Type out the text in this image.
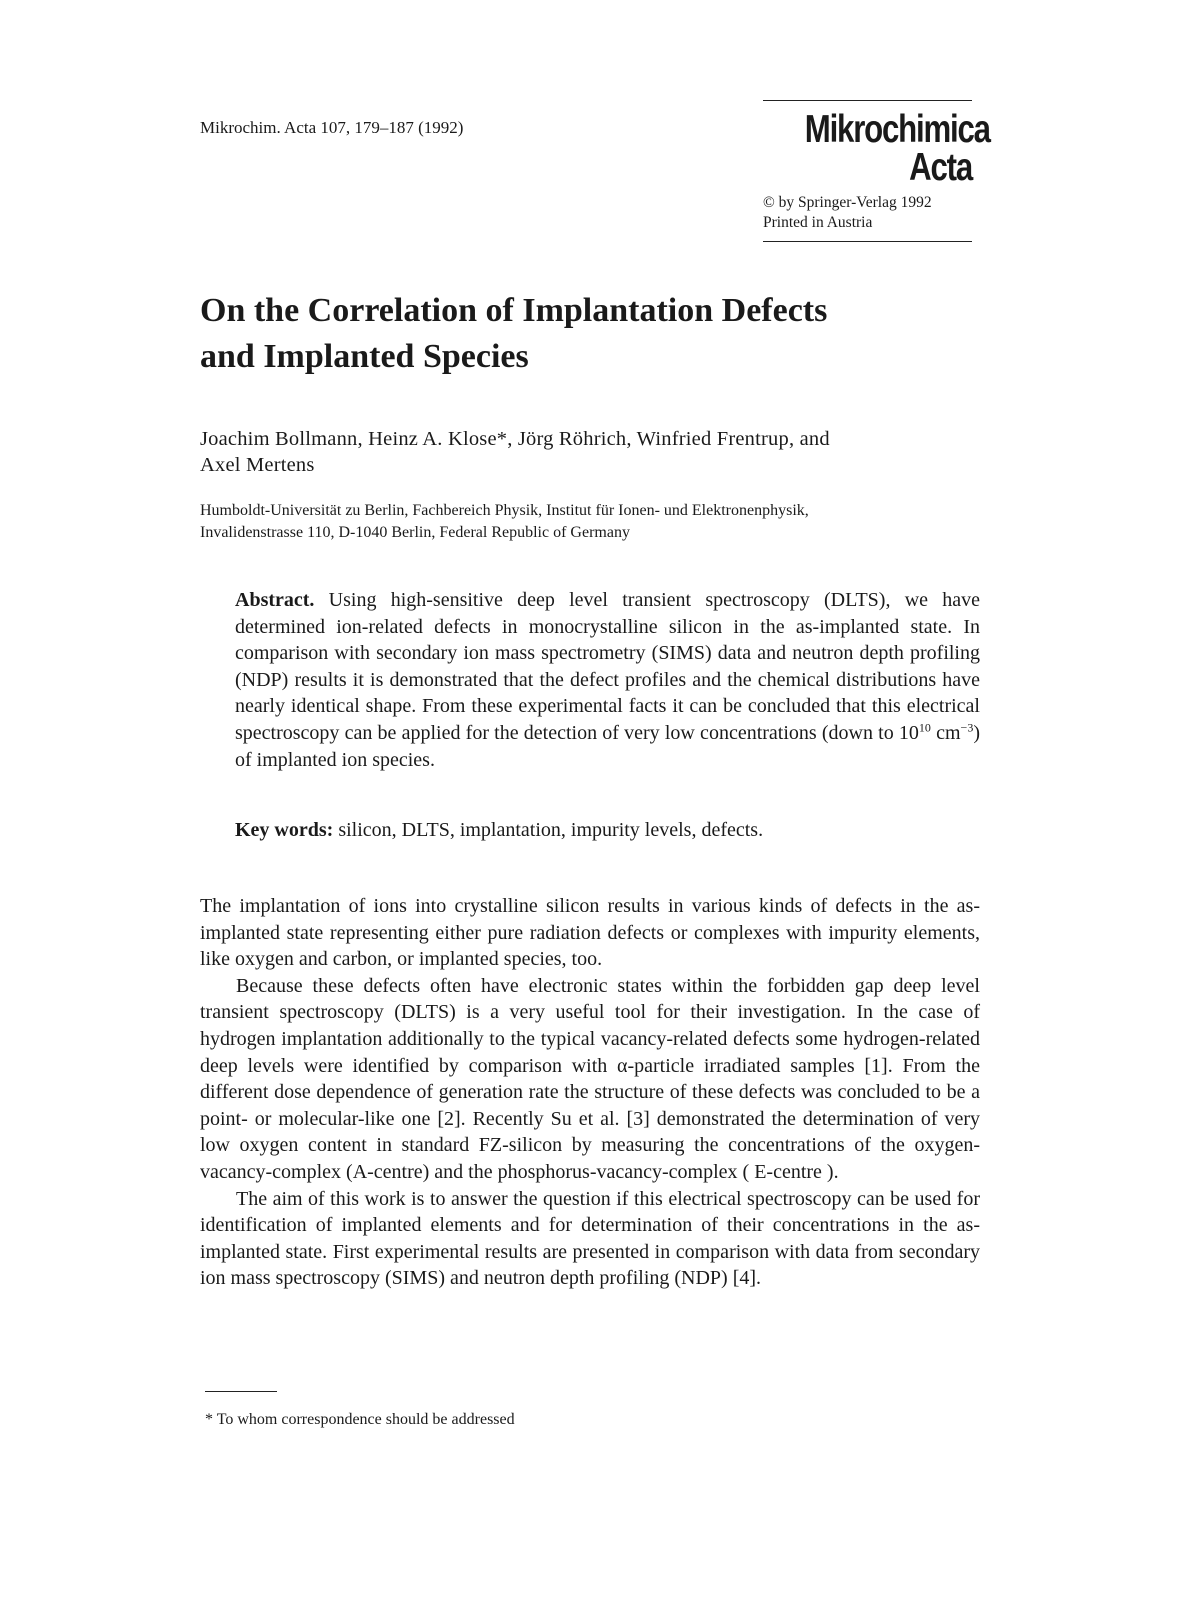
Mikrochim. Acta 107, 179–187 (1992)	Mikrochimica
Acta
© by Springer-Verlag 1992
Printed in Austria
On the Correlation of Implantation Defects
and Implanted Species
Joachim Bollmann, Heinz A. Klose*, Jörg Röhrich, Winfried Frentrup, and
Axel Mertens
Humboldt-Universität zu Berlin, Fachbereich Physik, Institut für Ionen- und Elektronenphysik,
Invalidenstrasse 110, D-1040 Berlin, Federal Republic of Germany
Abstract. Using high-sensitive deep level transient spectroscopy (DLTS), we have determined ion-related defects in monocrystalline silicon in the as-implanted state. In comparison with secondary ion mass spectrometry (SIMS) data and neutron depth profiling (NDP) results it is demonstrated that the defect profiles and the chemical distributions have nearly identical shape. From these experimental facts it can be concluded that this electrical spectroscopy can be applied for the detection of very low concentrations (down to $10^{10}$ $cm^{-3}$) of implanted ion species.
Key words: silicon, DLTS, implantation, impurity levels, defects.

The implantation of ions into crystalline silicon results in various kinds of defects in the as-implanted state representing either pure radiation defects or complexes with impurity elements, like oxygen and carbon, or implanted species, too.

Because these defects often have electronic states within the forbidden gap deep level transient spectroscopy (DLTS) is a very useful tool for their investigation. In the case of hydrogen implantation additionally to the typical vacancy-related defects some hydrogen-related deep levels were identified by comparison with α-particle irradiated samples [1]. From the different dose dependence of generation rate the structure of these defects was concluded to be a point- or molecular-like one [2]. Recently Su et al. [3] demonstrated the determination of very low oxygen content in standard FZ-silicon by measuring the concentrations of the oxygen-vacancy-complex (A-centre) and the phosphorus-vacancy-complex ( E-centre ).

The aim of this work is to answer the question if this electrical spectroscopy can be used for identification of implanted elements and for determination of their concentrations in the as-implanted state. First experimental results are presented in comparison with data from secondary ion mass spectroscopy (SIMS) and neutron depth profiling (NDP) [4].

* To whom correspondence should be addressed
